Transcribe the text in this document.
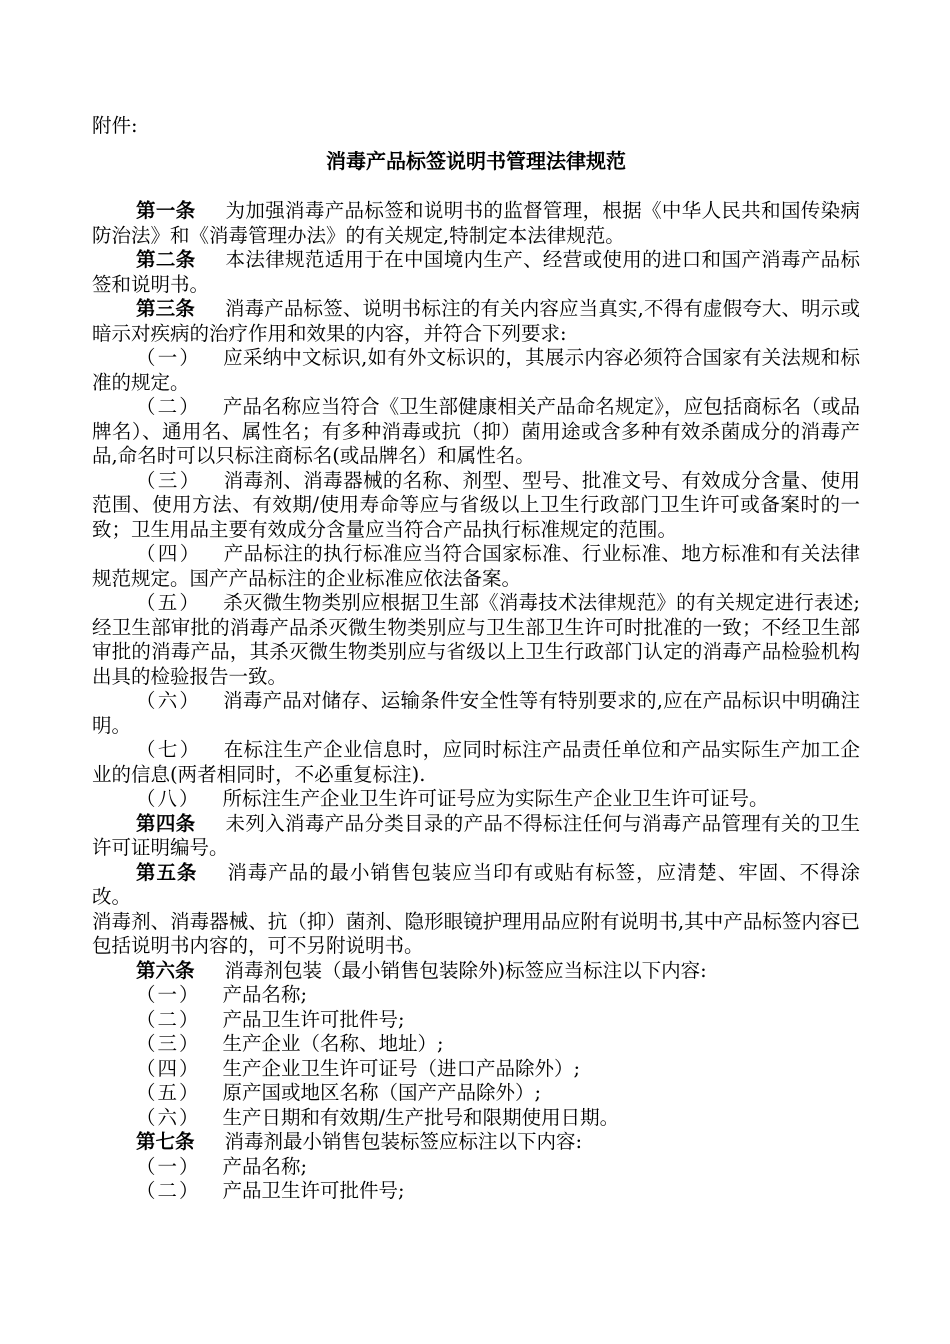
附件:
消毒产品标签说明书管理法律规范

第一条 为加强消毒产品标签和说明书的监督管理，根据《中华人民共和国传染病防治法》和《消毒管理办法》的有关规定,特制定本法律规范。

第二条 本法律规范适用于在中国境内生产、经营或使用的进口和国产消毒产品标签和说明书。

第三条 消毒产品标签、说明书标注的有关内容应当真实,不得有虚假夸大、明示或暗示对疾病的治疗作用和效果的内容，并符合下列要求:

（一） 应采纳中文标识,如有外文标识的，其展示内容必须符合国家有关法规和标准的规定。

（二） 产品名称应当符合《卫生部健康相关产品命名规定》，应包括商标名（或品牌名）、通用名、属性名；有多种消毒或抗（抑）菌用途或含多种有效杀菌成分的消毒产品,命名时可以只标注商标名(或品牌名）和属性名。

（三） 消毒剂、消毒器械的名称、剂型、型号、批准文号、有效成分含量、使用范围、使用方法、有效期/使用寿命等应与省级以上卫生行政部门卫生许可或备案时的一致；卫生用品主要有效成分含量应当符合产品执行标准规定的范围。

（四） 产品标注的执行标准应当符合国家标准、行业标准、地方标准和有关法律规范规定。国产产品标注的企业标准应依法备案。

（五） 杀灭微生物类别应根据卫生部《消毒技术法律规范》的有关规定进行表述;经卫生部审批的消毒产品杀灭微生物类别应与卫生部卫生许可时批准的一致；不经卫生部审批的消毒产品，其杀灭微生物类别应与省级以上卫生行政部门认定的消毒产品检验机构出具的检验报告一致。

（六） 消毒产品对储存、运输条件安全性等有特别要求的,应在产品标识中明确注明。

（七） 在标注生产企业信息时，应同时标注产品责任单位和产品实际生产加工企业的信息(两者相同时，不必重复标注).

（八） 所标注生产企业卫生许可证号应为实际生产企业卫生许可证号。

第四条 未列入消毒产品分类目录的产品不得标注任何与消毒产品管理有关的卫生许可证明编号。

第五条 消毒产品的最小销售包装应当印有或贴有标签，应清楚、牢固、不得涂改。

消毒剂、消毒器械、抗（抑）菌剂、隐形眼镜护理用品应附有说明书,其中产品标签内容已包括说明书内容的，可不另附说明书。

第六条 消毒剂包装（最小销售包装除外)标签应当标注以下内容:

（一） 产品名称;

（二） 产品卫生许可批件号;

（三） 生产企业（名称、地址）;

（四） 生产企业卫生许可证号（进口产品除外）;

（五） 原产国或地区名称（国产产品除外）;

（六） 生产日期和有效期/生产批号和限期使用日期。

第七条 消毒剂最小销售包装标签应标注以下内容:

（一） 产品名称;

（二） 产品卫生许可批件号;
